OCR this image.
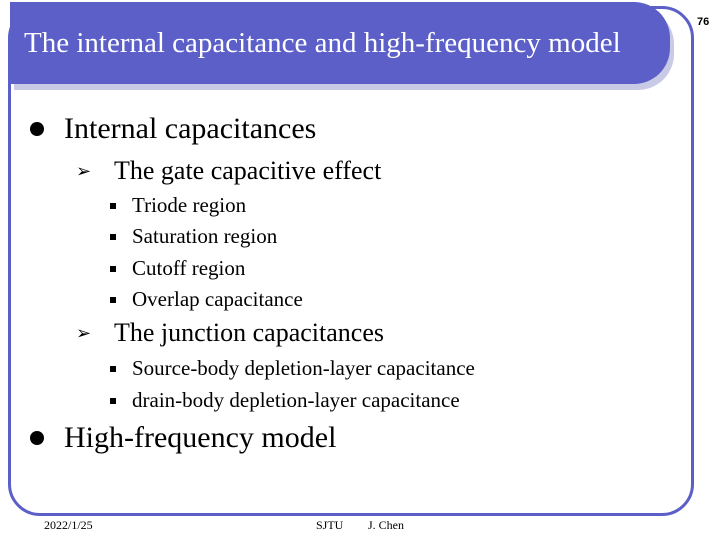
The internal capacitance and high-frequency model
76
Internal capacitances
➢ The gate capacitive effect
Triode region
Saturation region
Cutoff region
Overlap capacitance
➢ The junction capacitances
Source-body depletion-layer capacitance
drain-body depletion-layer capacitance
High-frequency model
2022/1/25	SJTU J. Chen
